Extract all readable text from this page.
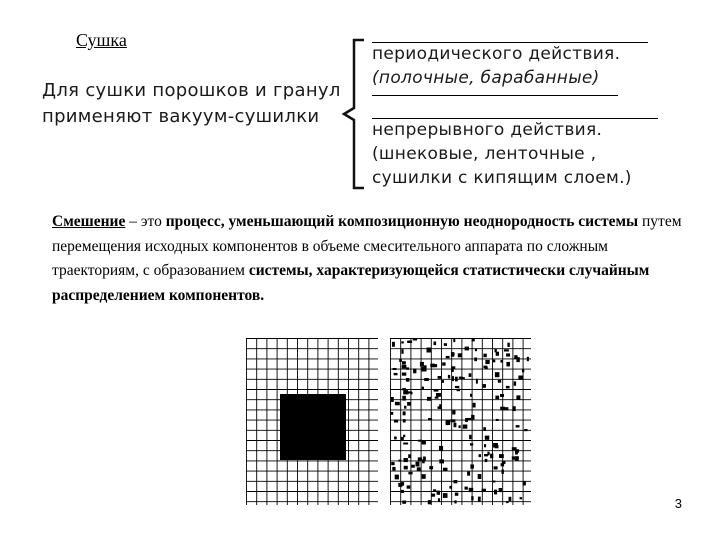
Сушка
Для сушки порошков и гранул
применяют вакуум-сушилки
периодического действия.
(полочные, барабанные)
непрерывного действия.
(шнековые, ленточные ,
сушилки с кипящим слоем.)
Смешение – это процесс, уменьшающий композиционную неоднородность системы путем перемещения исходных компонентов в объеме смесительного аппарата по сложным траекториям, с образованием системы, характеризующейся статистически случайным распределением компонентов.
3
